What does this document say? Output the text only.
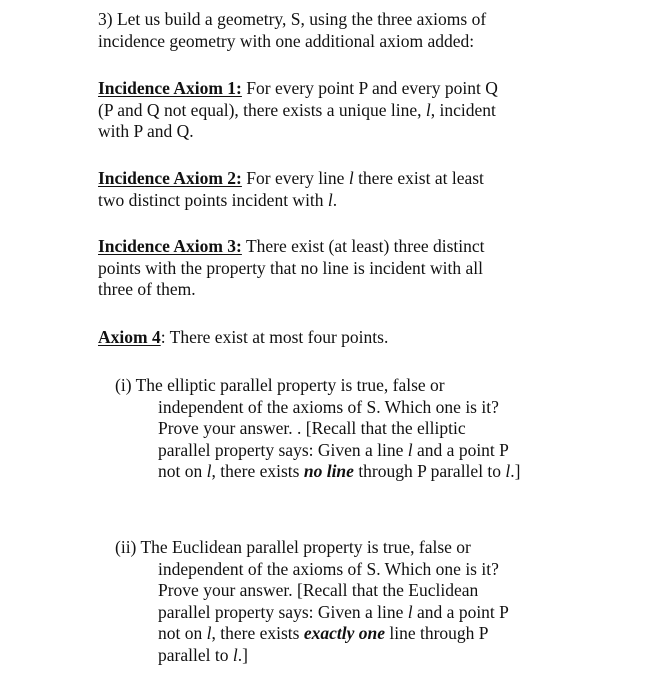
3) Let us build a geometry, S, using the three axioms of
incidence geometry with one additional axiom added:
Incidence Axiom 1: For every point P and every point Q
(P and Q not equal), there exists a unique line, l, incident
with P and Q.
Incidence Axiom 2: For every line l there exist at least
two distinct points incident with l.
Incidence Axiom 3: There exist (at least) three distinct
points with the property that no line is incident with all
three of them.
Axiom 4: There exist at most four points.
(i) The elliptic parallel property is true, false or
independent of the axioms of S. Which one is it?
Prove your answer. . [Recall that the elliptic
parallel property says: Given a line l and a point P
not on l, there exists no line through P parallel to l.]
(ii) The Euclidean parallel property is true, false or
independent of the axioms of S. Which one is it?
Prove your answer. [Recall that the Euclidean
parallel property says: Given a line l and a point P
not on l, there exists exactly one line through P
parallel to l.]
